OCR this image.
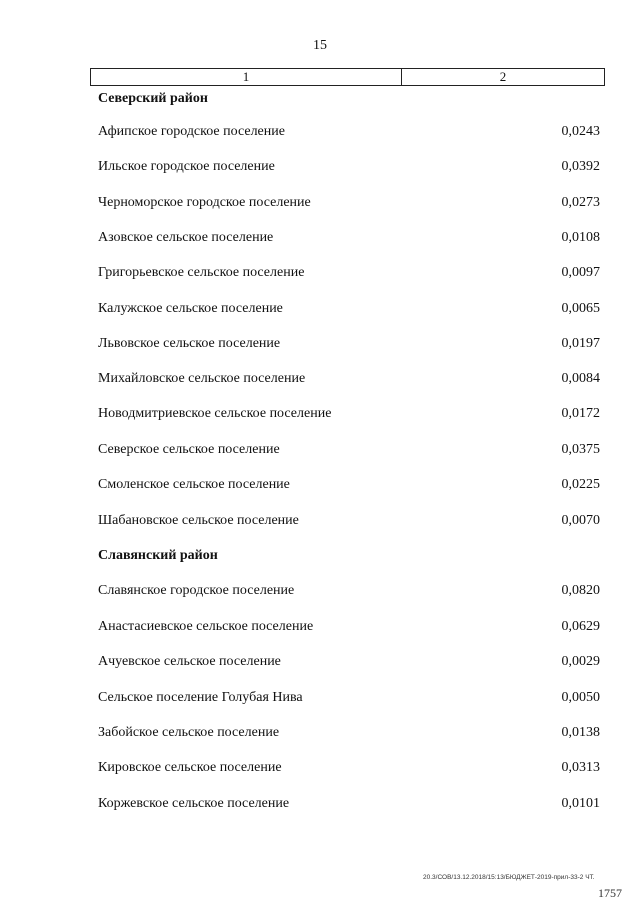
15
1	2
Северский район
Афипское городское поселение	0,0243
Ильское городское поселение	0,0392
Черноморское городское поселение	0,0273
Азовское сельское поселение	0,0108
Григорьевское сельское поселение	0,0097
Калужское сельское поселение	0,0065
Львовское сельское поселение	0,0197
Михайловское сельское поселение	0,0084
Новодмитриевское сельское поселение	0,0172
Северское сельское поселение	0,0375
Смоленское сельское поселение	0,0225
Шабановское сельское поселение	0,0070
Славянский район
Славянское городское поселение	0,0820
Анастасиевское сельское поселение	0,0629
Ачуевское сельское поселение	0,0029
Сельское поселение Голубая Нива	0,0050
Забойское сельское поселение	0,0138
Кировское сельское поселение	0,0313
Коржевское сельское поселение	0,0101
20.3/СОВ/13.12.2018/15:13/БЮДЖЕТ-2019-прил-33-2 ЧТ.
1757
